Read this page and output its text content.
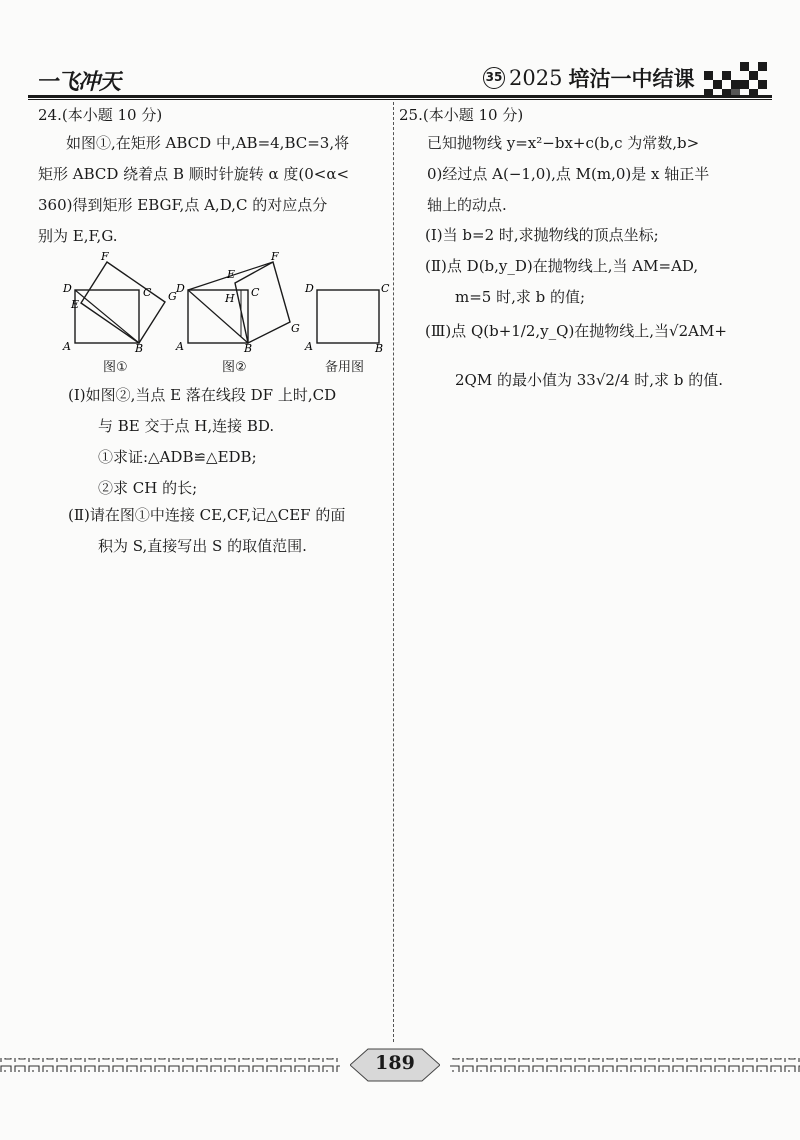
一飞冲天	35 2025 培沽一中结课
24.(本小题 10 分)
如图①,在矩形 ABCD 中,AB=4,BC=3,将
矩形 ABCD 绕着点 B 顺时针旋转 α 度(0<α<
360)得到矩形 EBGF,点 A,D,C 的对应点分
别为 E,F,G.
A	B
C
D
E
F
G
A	B
C
D
E
F
G
H
A	B
C
D
图①	图②	备用图
(Ⅰ)如图②,当点 E 落在线段 DF 上时,CD
与 BE 交于点 H,连接 BD.
①求证:△ADB≌△EDB;
②求 CH 的长;
(Ⅱ)请在图①中连接 CE,CF,记△CEF 的面
积为 S,直接写出 S 的取值范围.
25.(本小题 10 分)
已知抛物线 y=x²−bx+c(b,c 为常数,b>
0)经过点 A(−1,0),点 M(m,0)是 x 轴正半
轴上的动点.
(Ⅰ)当 b=2 时,求抛物线的顶点坐标;
(Ⅱ)点 D(b,y_D)在抛物线上,当 AM=AD,
m=5 时,求 b 的值;
(Ⅲ)点 Q(b+1/2,y_Q)在抛物线上,当√2AM+
2QM 的最小值为 33√2/4 时,求 b 的值.
189
